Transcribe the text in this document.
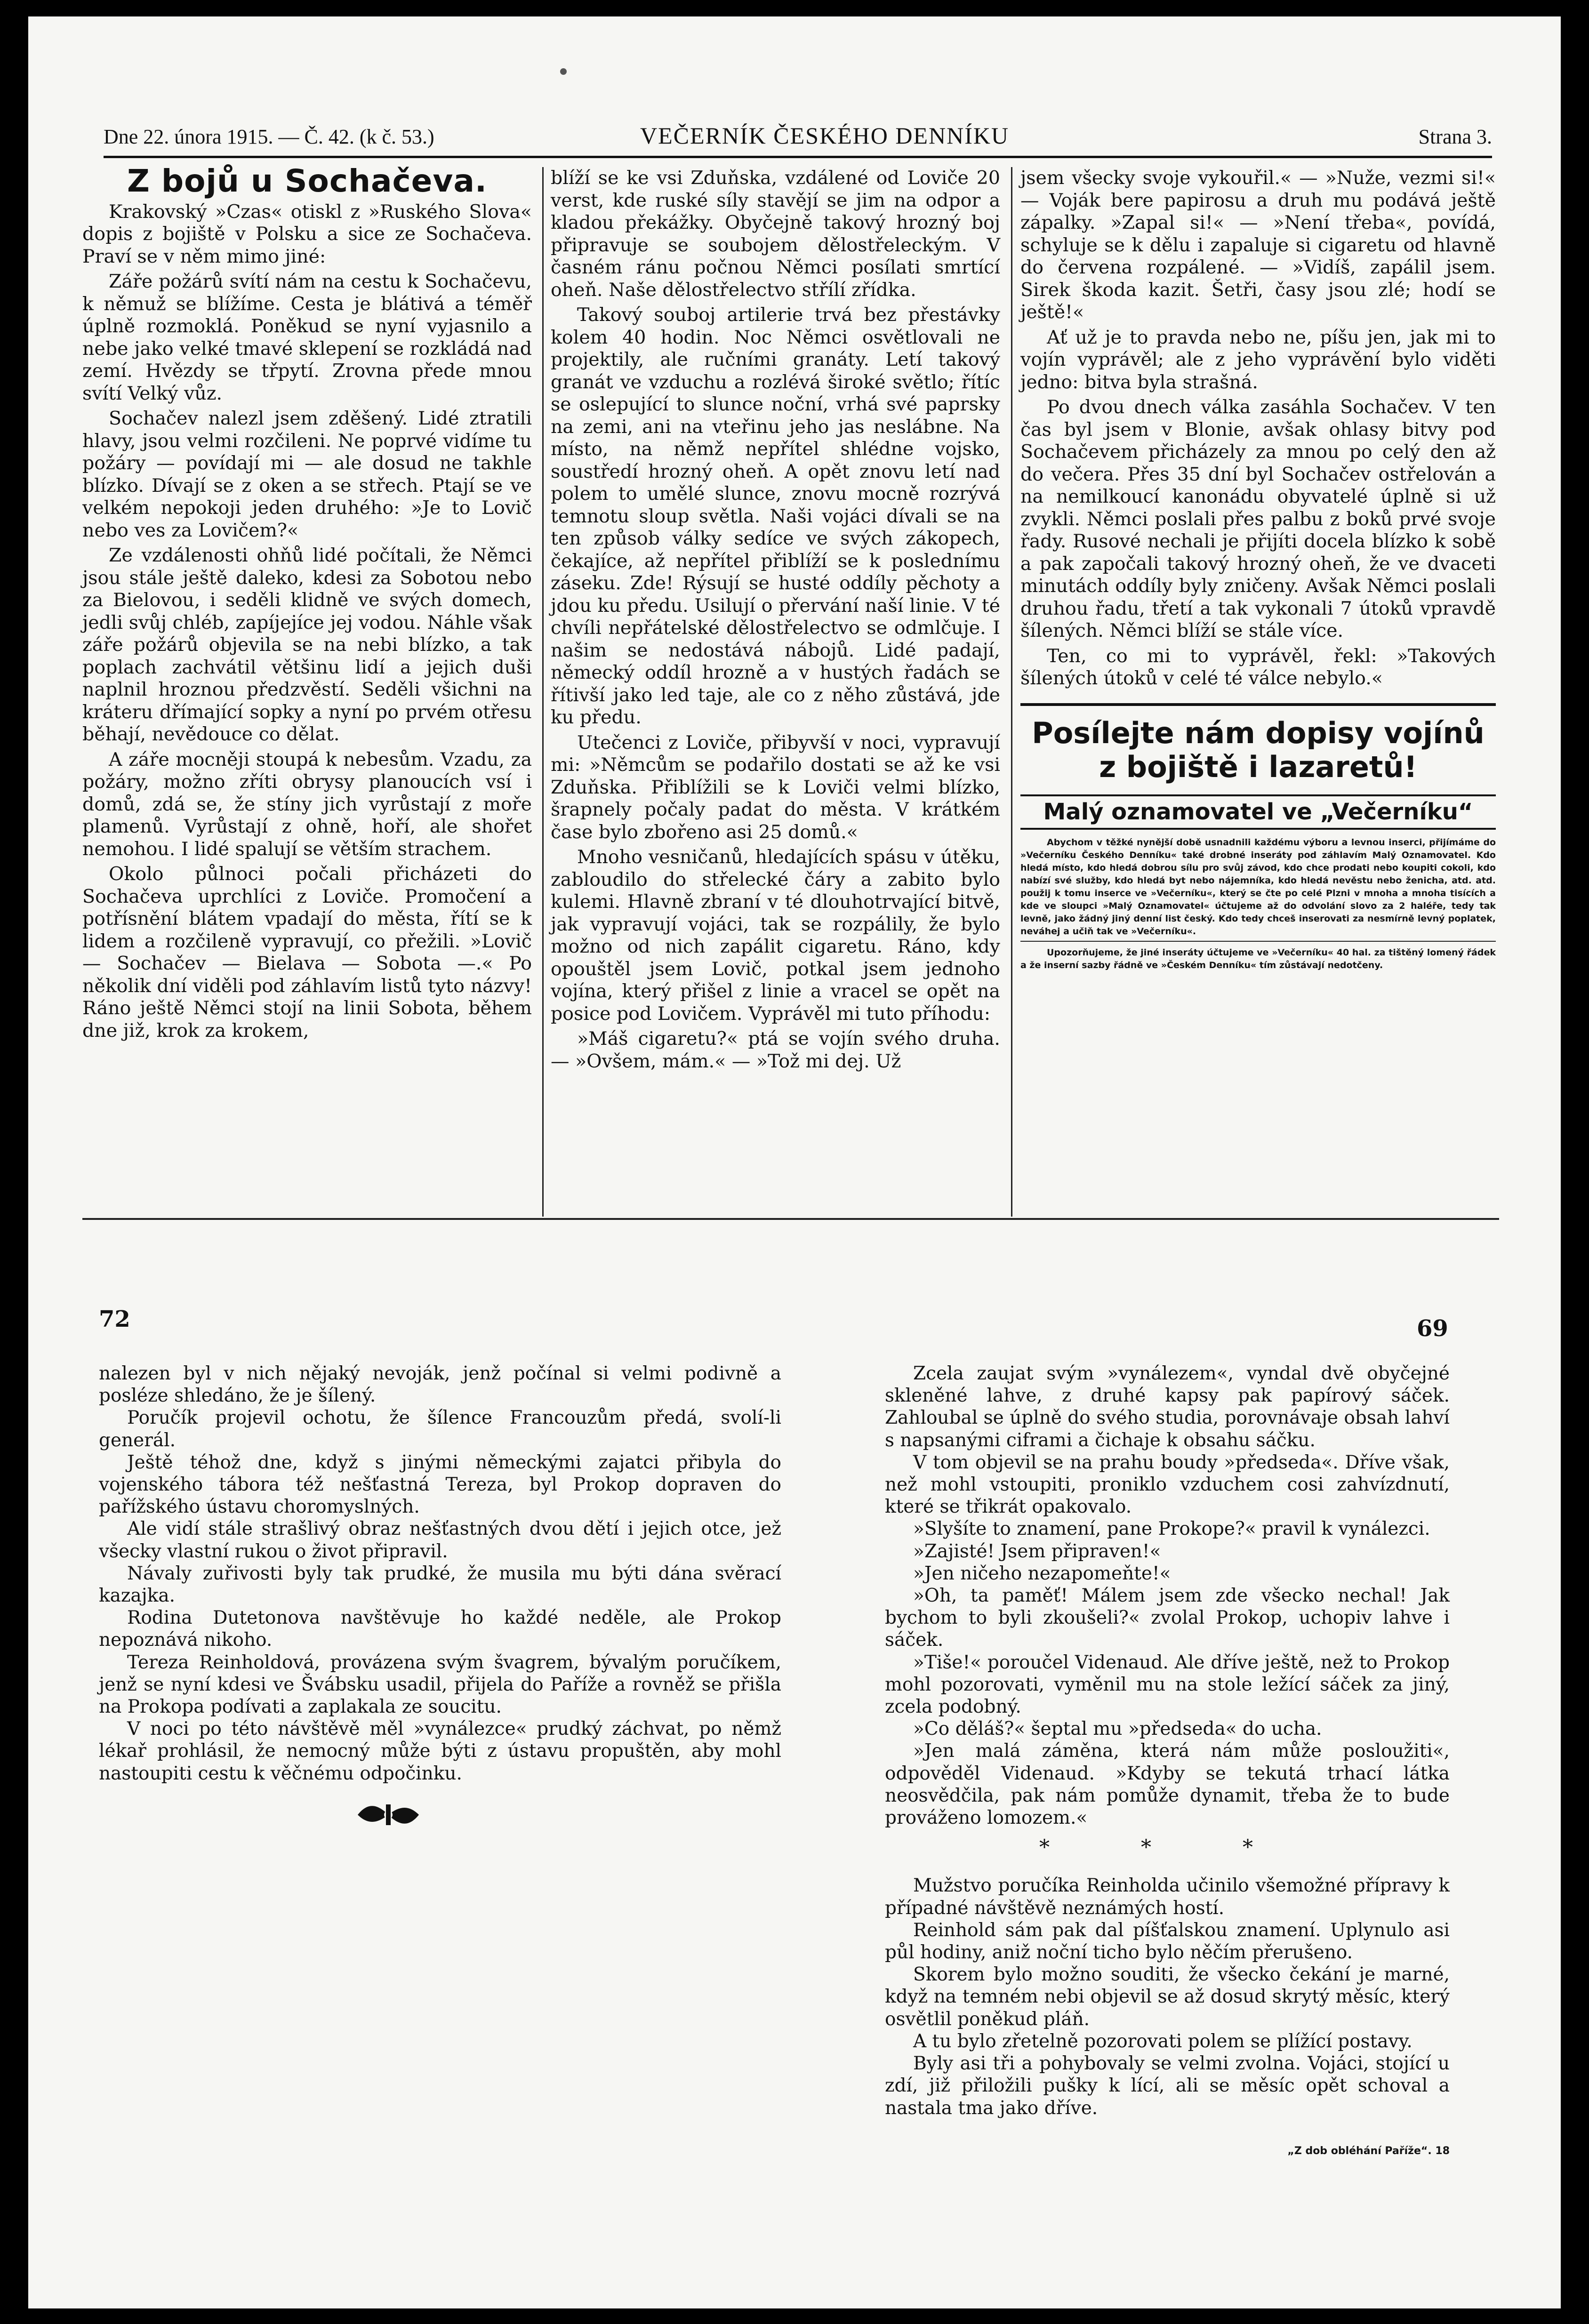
Dne 22. února 1915. — Č. 42. (k č. 53.)	VEČERNÍK ČESKÉHO DENNÍKU	Strana 3.
Z bojů u Sochačeva.

Krakovský »Czas« otiskl z »Ruského Slova« dopis z bojiště v Polsku a sice ze Sochačeva. Praví se v něm mimo jiné:

Záře požárů svítí nám na cestu k Sochačevu, k němuž se blížíme. Cesta je blátivá a téměř úplně rozmoklá. Poněkud se nyní vyjasnilo a nebe jako velké tmavé sklepení se rozkládá nad zemí. Hvězdy se třpytí. Zrovna přede mnou svítí Velký vůz.

Sochačev nalezl jsem zděšený. Lidé ztratili hlavy, jsou velmi rozčileni. Ne poprvé vidíme tu požáry — povídají mi — ale dosud ne takhle blízko. Dívají se z oken a se střech. Ptají se ve velkém nepokoji jeden druhého: »Je to Lovič nebo ves za Lovičem?«

Ze vzdálenosti ohňů lidé počítali, že Němci jsou stále ještě daleko, kdesi za Sobotou nebo za Bielovou, i seděli klidně ve svých domech, jedli svůj chléb, zapíjejíce jej vodou. Náhle však záře požárů objevila se na nebi blízko, a tak poplach zachvátil většinu lidí a jejich duši naplnil hroznou předzvěstí. Seděli všichni na kráteru dřímající sopky a nyní po prvém otřesu běhají, nevědouce co dělat.

A záře mocněji stoupá k nebesům. Vzadu, za požáry, možno zříti obrysy planoucích vsí i domů, zdá se, že stíny jich vyrůstají z moře plamenů. Vyrůstají z ohně, hoří, ale shořet nemohou. I lidé spalují se větším strachem.

Okolo půlnoci počali přicházeti do Sochačeva uprchlíci z Loviče. Promočení a potřísnění blátem vpadají do města, řítí se k lidem a rozčileně vypravují, co přežili. »Lovič — Sochačev — Bielava — Sobota —.« Po několik dní viděli pod záhlavím listů tyto názvy! Ráno ještě Němci stojí na linii Sobota, během dne již, krok za krokem,

blíží se ke vsi Zduňska, vzdálené od Loviče 20 verst, kde ruské síly stavějí se jim na odpor a kladou překážky. Obyčejně takový hrozný boj připravuje se soubojem dělostřeleckým. V časném ránu počnou Němci posílati smrtící oheň. Naše dělostřelectvo střílí zřídka.

Takový souboj artilerie trvá bez přestávky kolem 40 hodin. Noc Němci osvětlovali ne projektily, ale ručními granáty. Letí takový granát ve vzduchu a rozlévá široké světlo; řítíc se oslepující to slunce noční, vrhá své paprsky na zemi, ani na vteřinu jeho jas neslábne. Na místo, na němž nepřítel shlédne vojsko, soustředí hrozný oheň. A opět znovu letí nad polem to umělé slunce, znovu mocně rozrývá temnotu sloup světla. Naši vojáci dívali se na ten způsob války sedíce ve svých zákopech, čekajíce, až nepřítel přiblíží se k poslednímu záseku. Zde! Rýsují se husté oddíly pěchoty a jdou ku předu. Usilují o přervání naší linie. V té chvíli nepřátelské dělostřelectvo se odmlčuje. I našim se nedostává nábojů. Lidé padají, německý oddíl hrozně a v hustých řadách se řítivší jako led taje, ale co z něho zůstává, jde ku předu.

Utečenci z Loviče, přibyvší v noci, vypravují mi: »Němcům se podařilo dostati se až ke vsi Zduňska. Přiblížili se k Loviči velmi blízko, šrapnely počaly padat do města. V krátkém čase bylo zbořeno asi 25 domů.«

Mnoho vesničanů, hledajících spásu v útěku, zabloudilo do střelecké čáry a zabito bylo kulemi. Hlavně zbraní v té dlouhotrvající bitvě, jak vypravují vojáci, tak se rozpálily, že bylo možno od nich zapálit cigaretu. Ráno, kdy opouštěl jsem Lovič, potkal jsem jednoho vojína, který přišel z linie a vracel se opět na posice pod Lovičem. Vyprávěl mi tuto příhodu:

»Máš cigaretu?« ptá se vojín svého druha. — »Ovšem, mám.« — »Tož mi dej. Už

jsem všecky svoje vykouřil.« — »Nuže, vezmi si!« — Voják bere papirosu a druh mu podává ještě zápalky. »Zapal si!« — »Není třeba«, povídá, schyluje se k dělu i zapaluje si cigaretu od hlavně do červena rozpálené. — »Vidíš, zapálil jsem. Sirek škoda kazit. Šetři, časy jsou zlé; hodí se ještě!«

Ať už je to pravda nebo ne, píšu jen, jak mi to vojín vyprávěl; ale z jeho vyprávění bylo viděti jedno: bitva byla strašná.

Po dvou dnech válka zasáhla Sochačev. V ten čas byl jsem v Blonie, avšak ohlasy bitvy pod Sochačevem přicházely za mnou po celý den až do večera. Přes 35 dní byl Sochačev ostřelován a na nemilkoucí kanonádu obyvatelé úplně si už zvykli. Němci poslali přes palbu z boků prvé svoje řady. Rusové nechali je přijíti docela blízko k sobě a pak započali takový hrozný oheň, že ve dvaceti minutách oddíly byly zničeny. Avšak Němci poslali druhou řadu, třetí a tak vykonali 7 útoků vpravdě šílených. Němci blíží se stále více.

Ten, co mi to vyprávěl, řekl: »Takových šílených útoků v celé té válce nebylo.«

Posílejte nám dopisy vojínů z bojiště i lazaretů!
Malý oznamovatel ve „Večerníku“

Abychom v těžké nynější době usnadnili každému výboru a levnou inserci, přijímáme do »Večerníku Českého Denníku« také drobné inseráty pod záhlavím Malý Oznamovatel. Kdo hledá místo, kdo hledá dobrou sílu pro svůj závod, kdo chce prodati nebo koupiti cokoli, kdo nabízí své služby, kdo hledá byt nebo nájemníka, kdo hledá nevěstu nebo ženicha, atd. atd. použij k tomu inserce ve »Večerníku«, který se čte po celé Plzni v mnoha a mnoha tisících a kde ve sloupci »Malý Oznamovatel« účtujeme až do odvolání slovo za 2 haléře, tedy tak levně, jako žádný jiný denní list český. Kdo tedy chceš inserovati za nesmírně levný poplatek, neváhej a učiň tak ve »Večerníku«.

Upozorňujeme, že jiné inseráty účtujeme ve »Večerníku« 40 hal. za tištěný lomený řádek a že inserní sazby řádně ve »Českém Denníku« tím zůstávají nedotčeny.

72

nalezen byl v nich nějaký nevoják, jenž počínal si velmi podivně a posléze shledáno, že je šílený.

Poručík projevil ochotu, že šílence Francouzům předá, svolí-li generál.

Ještě téhož dne, když s jinými německými zajatci přibyla do vojenského tábora též nešťastná Tereza, byl Prokop dopraven do pařížského ústavu choromyslných.

Ale vidí stále strašlivý obraz nešťastných dvou dětí i jejich otce, jež všecky vlastní rukou o život připravil.

Návaly zuřivosti byly tak prudké, že musila mu býti dána svěrací kazajka.

Rodina Dutetonova navštěvuje ho každé neděle, ale Prokop nepoznává nikoho.

Tereza Reinholdová, provázena svým švagrem, bývalým poručíkem, jenž se nyní kdesi ve Švábsku usadil, přijela do Paříže a rovněž se přišla na Prokopa podívati a zaplakala ze soucitu.

V noci po této návštěvě měl »vynálezce« prudký záchvat, po němž lékař prohlásil, že nemocný může býti z ústavu propuštěn, aby mohl nastoupiti cestu k věčnému odpočinku.

69

Zcela zaujat svým »vynálezem«, vyndal dvě obyčejné skleněné lahve, z druhé kapsy pak papírový sáček. Zahloubal se úplně do svého studia, porovnávaje obsah lahví s napsanými ciframi a čichaje k obsahu sáčku.

V tom objevil se na prahu boudy »předseda«. Dříve však, než mohl vstoupiti, proniklo vzduchem cosi zahvízdnutí, které se třikrát opakovalo.

»Slyšíte to znamení, pane Prokope?« pravil k vynálezci.

»Zajisté! Jsem připraven!«

»Jen ničeho nezapomeňte!«

»Oh, ta paměť! Málem jsem zde všecko nechal! Jak bychom to byli zkoušeli?« zvolal Prokop, uchopiv lahve i sáček.

»Tiše!« poroučel Videnaud. Ale dříve ještě, než to Prokop mohl pozorovati, vyměnil mu na stole ležící sáček za jiný, zcela podobný.

»Co děláš?« šeptal mu »předseda« do ucha.

»Jen malá záměna, která nám může posloužiti«, odpověděl Videnaud. »Kdyby se tekutá trhací látka neosvědčila, pak nám pomůže dynamit, třeba že to bude prováženo lomozem.«

* * *

Mužstvo poručíka Reinholda učinilo všemožné přípravy k případné návštěvě neznámých hostí.

Reinhold sám pak dal píšťalskou znamení. Uplynulo asi půl hodiny, aniž noční ticho bylo něčím přerušeno.

Skorem bylo možno souditi, že všecko čekání je marné, když na temném nebi objevil se až dosud skrytý měsíc, který osvětlil poněkud pláň.

A tu bylo zřetelně pozorovati polem se plížící postavy.

Byly asi tři a pohybovaly se velmi zvolna. Vojáci, stojící u zdí, již přiložili pušky k lící, ali se měsíc opět schoval a nastala tma jako dříve.

„Z dob obléhání Paříže“. 18
